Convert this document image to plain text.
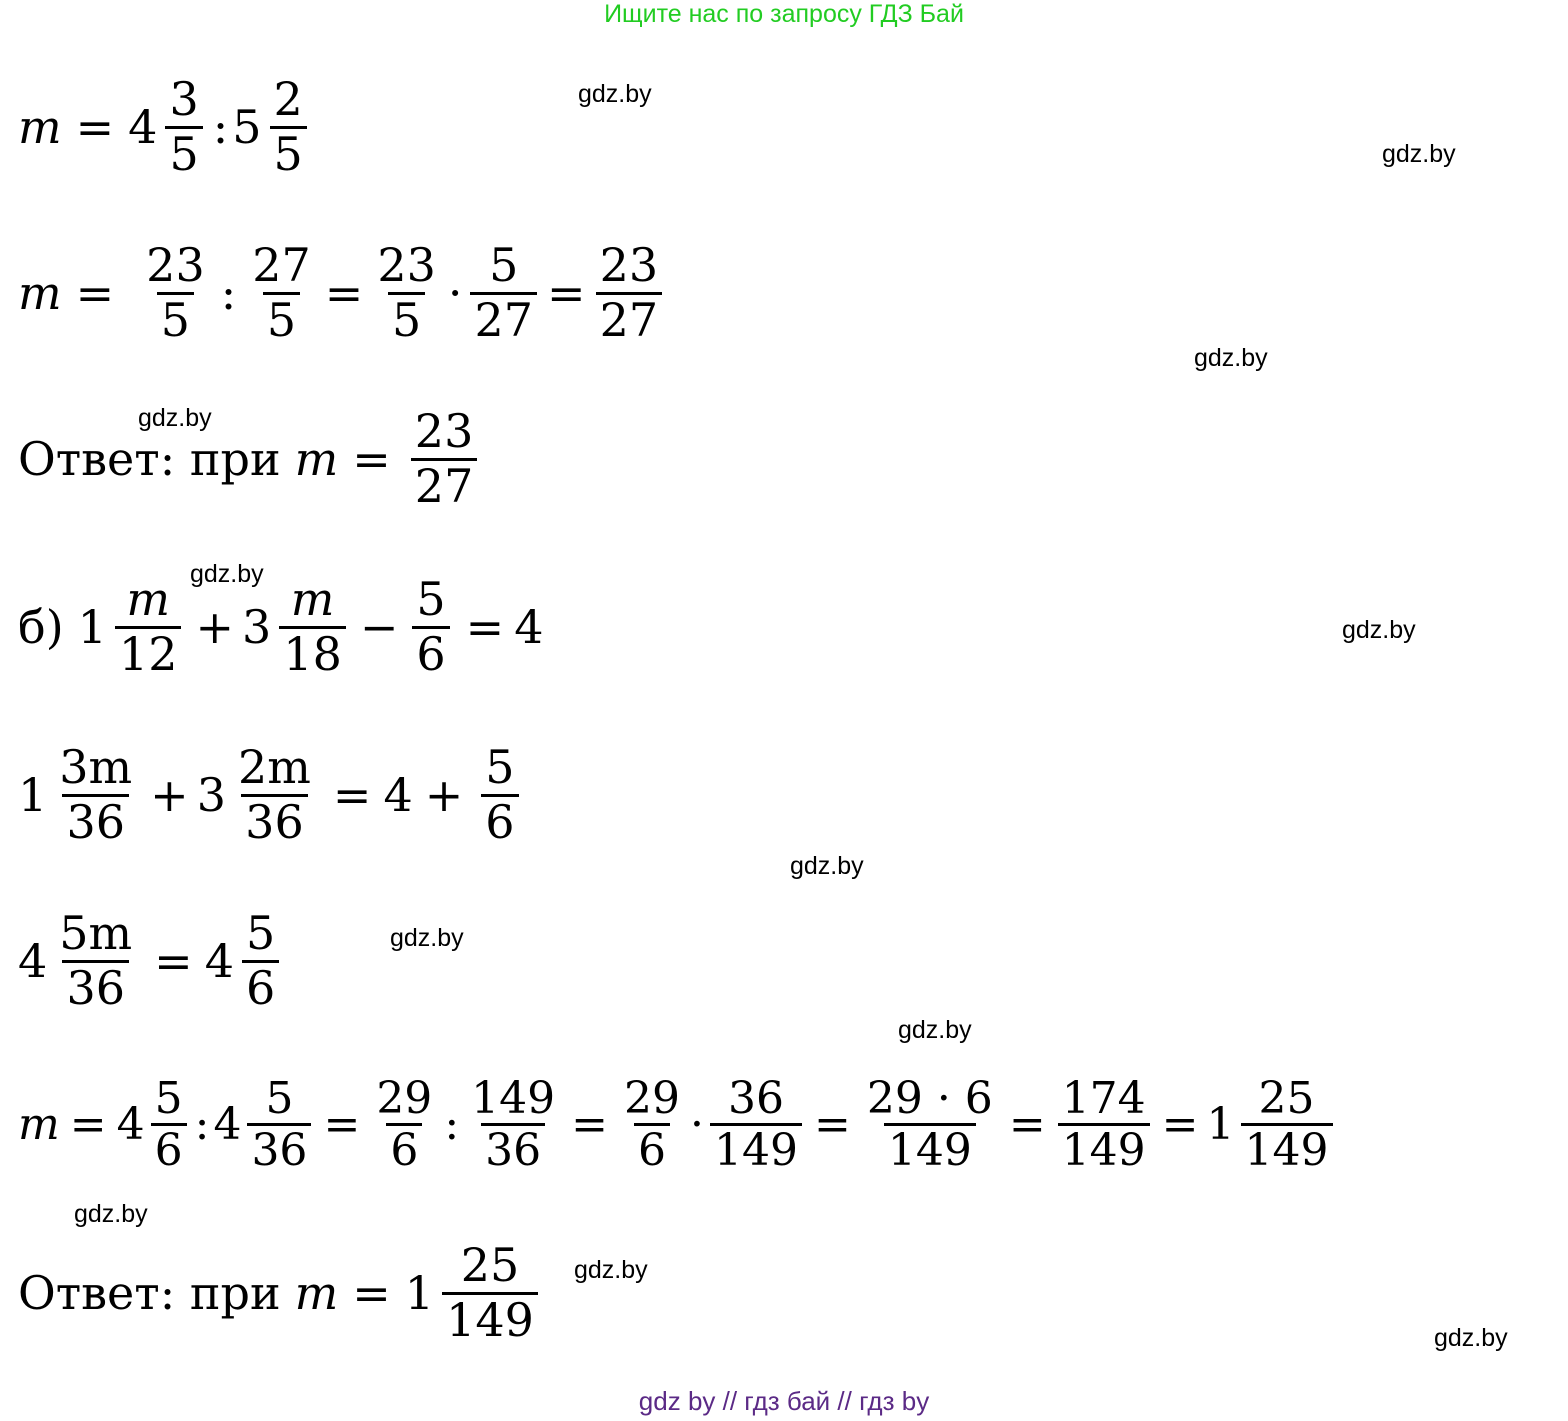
Ищите нас по запросу ГДЗ Бай
gdz.by
gdz.by
gdz.by
gdz.by
gdz.by
gdz.by
gdz.by
gdz.by
gdz.by
gdz.by
gdz.by
gdz.by
$m = 4 \frac{3}{5}$ : $5 \frac{2}{5}$
$m = \frac{23}{5}$ : $\frac{27}{5} = \frac{23}{5} \cdot \frac{5}{27} = \frac{23}{27}$
Ответ: при $m = \frac{23}{27}$
б) $1 \frac{m}{12} + 3 \frac{m}{18} - \frac{5}{6} = 4$
$1 \frac{3m}{36} + 3 \frac{2m}{36} = 4 + \frac{5}{6}$
$4 \frac{5m}{36} = 4 \frac{5}{6}$
$m = 4 \frac{5}{6}$ : $4 \frac{5}{36} = \frac{29}{6}$ : $\frac{149}{36} = \frac{29}{6} \cdot \frac{36}{149} = \frac{29 \cdot 6}{149} = \frac{174}{149} = 1 \frac{25}{149}$
Ответ: при $m = 1 \frac{25}{149}$
gdz by // гдз бай // гдз by
